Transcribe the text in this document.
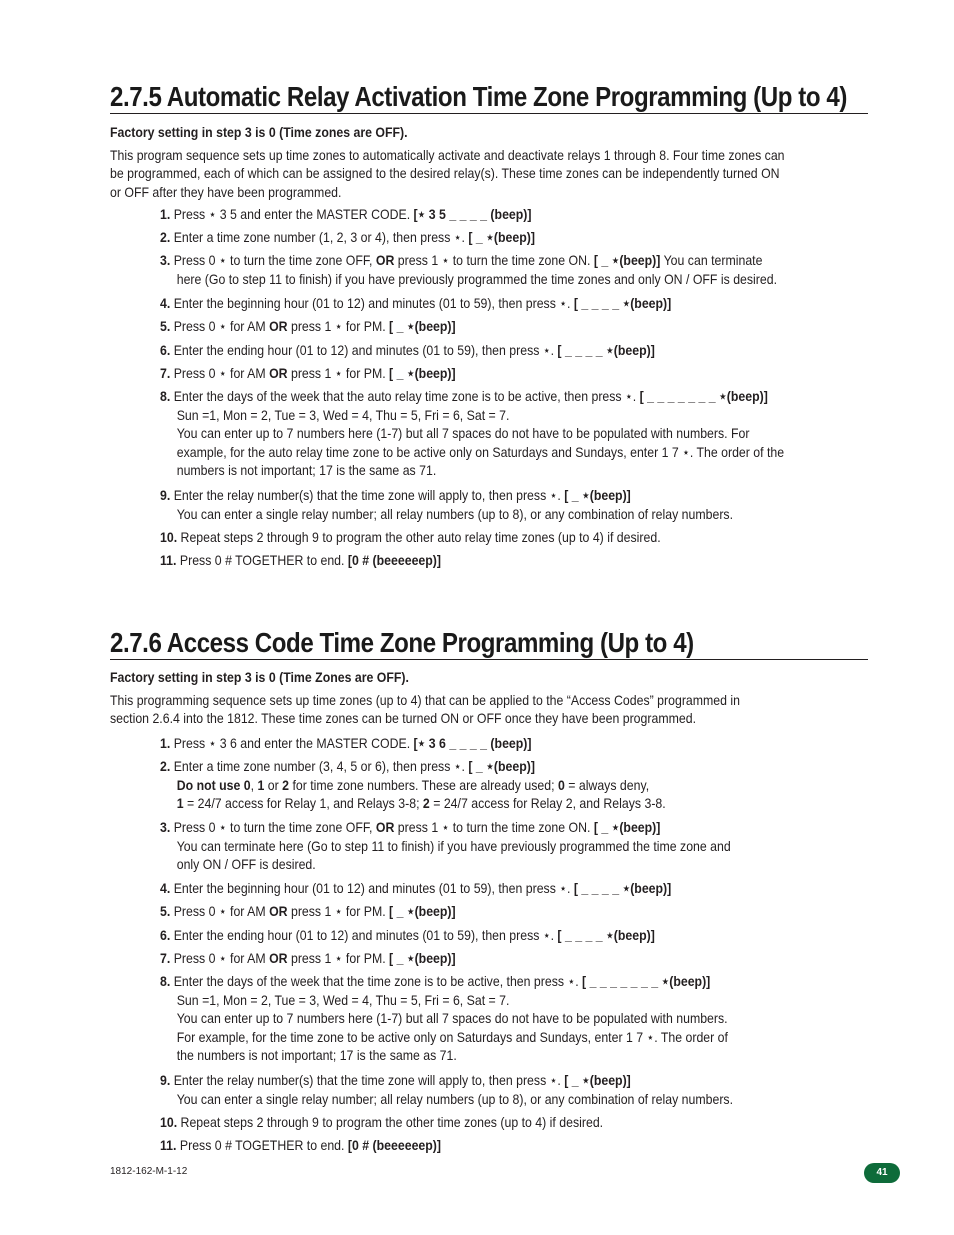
2.7.5 Automatic Relay Activation Time Zone Programming (Up to 4)
Factory setting in step 3 is 0 (Time zones are OFF).
This program sequence sets up time zones to automatically activate and deactivate relays 1 through 8. Four time zones can
be programmed, each of which can be assigned to the desired relay(s). These time zones can be independently turned ON
or OFF after they have been programmed.
1. Press ⋆ 3 5 and enter the MASTER CODE. [⋆ 3 5 _ _ _ _ (beep)]
2. Enter a time zone number (1, 2, 3 or 4), then press ⋆. [ _ ⋆(beep)]
3. Press 0 ⋆ to turn the time zone OFF, OR press 1 ⋆ to turn the time zone ON. [ _ ⋆(beep)] You can terminate
here (Go to step 11 to finish) if you have previously programmed the time zones and only ON / OFF is desired.
4. Enter the beginning hour (01 to 12) and minutes (01 to 59), then press ⋆. [ _ _ _ _ ⋆(beep)]
5. Press 0 ⋆ for AM OR press 1 ⋆ for PM. [ _ ⋆(beep)]
6. Enter the ending hour (01 to 12) and minutes (01 to 59), then press ⋆. [ _ _ _ _ ⋆(beep)]
7. Press 0 ⋆ for AM OR press 1 ⋆ for PM. [ _ ⋆(beep)]
8. Enter the days of the week that the auto relay time zone is to be active, then press ⋆. [ _ _ _ _ _ _ _ ⋆(beep)]
Sun =1, Mon = 2, Tue = 3, Wed = 4, Thu = 5, Fri = 6, Sat = 7.
You can enter up to 7 numbers here (1-7) but all 7 spaces do not have to be populated with numbers. For
example, for the auto relay time zone to be active only on Saturdays and Sundays, enter 1 7 ⋆. The order of the
numbers is not important; 17 is the same as 71.
9. Enter the relay number(s) that the time zone will apply to, then press ⋆. [ _ ⋆(beep)]
You can enter a single relay number; all relay numbers (up to 8), or any combination of relay numbers.
10. Repeat steps 2 through 9 to program the other auto relay time zones (up to 4) if desired.
11. Press 0 # TOGETHER to end. [0 # (beeeeeep)]
2.7.6 Access Code Time Zone Programming (Up to 4)
Factory setting in step 3 is 0 (Time Zones are OFF).
This programming sequence sets up time zones (up to 4) that can be applied to the “Access Codes” programmed in
section 2.6.4 into the 1812. These time zones can be turned ON or OFF once they have been programmed.
1. Press ⋆ 3 6 and enter the MASTER CODE. [⋆ 3 6 _ _ _ _ (beep)]
2. Enter a time zone number (3, 4, 5 or 6), then press ⋆. [ _ ⋆(beep)]
Do not use 0, 1 or 2 for time zone numbers. These are already used; 0 = always deny,
1 = 24/7 access for Relay 1, and Relays 3-8; 2 = 24/7 access for Relay 2, and Relays 3-8.
3. Press 0 ⋆ to turn the time zone OFF, OR press 1 ⋆ to turn the time zone ON. [ _ ⋆(beep)]
You can terminate here (Go to step 11 to finish) if you have previously programmed the time zone and
only ON / OFF is desired.
4. Enter the beginning hour (01 to 12) and minutes (01 to 59), then press ⋆. [ _ _ _ _ ⋆(beep)]
5. Press 0 ⋆ for AM OR press 1 ⋆ for PM. [ _ ⋆(beep)]
6. Enter the ending hour (01 to 12) and minutes (01 to 59), then press ⋆. [ _ _ _ _ ⋆(beep)]
7. Press 0 ⋆ for AM OR press 1 ⋆ for PM. [ _ ⋆(beep)]
8. Enter the days of the week that the time zone is to be active, then press ⋆. [ _ _ _ _ _ _ _ ⋆(beep)]
Sun =1, Mon = 2, Tue = 3, Wed = 4, Thu = 5, Fri = 6, Sat = 7.
You can enter up to 7 numbers here (1-7) but all 7 spaces do not have to be populated with numbers.
For example, for the time zone to be active only on Saturdays and Sundays, enter 1 7 ⋆. The order of
the numbers is not important; 17 is the same as 71.
9. Enter the relay number(s) that the time zone will apply to, then press ⋆. [ _ ⋆(beep)]
You can enter a single relay number; all relay numbers (up to 8), or any combination of relay numbers.
10. Repeat steps 2 through 9 to program the other time zones (up to 4) if desired.
11. Press 0 # TOGETHER to end. [0 # (beeeeeep)]
1812-162-M-1-12	41
